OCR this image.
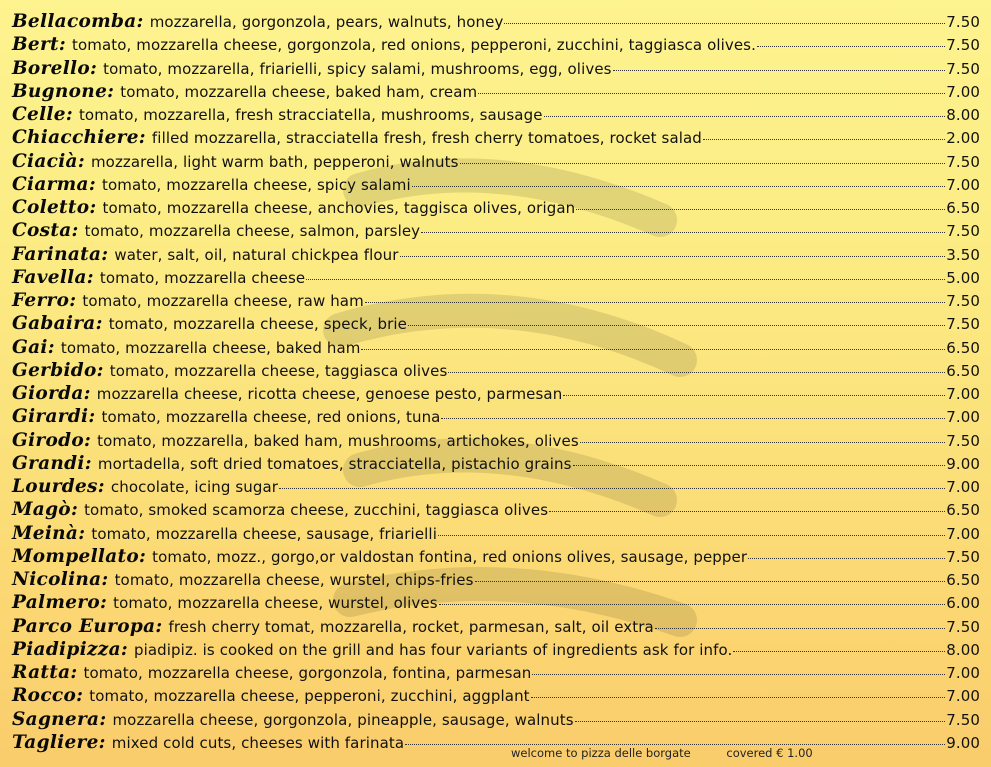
Bellacomba: mozzarella, gorgonzola, pears, walnuts, honey	7.50
Bert: tomato, mozzarella cheese, gorgonzola, red onions, pepperoni, zucchini, taggiasca olives.	7.50
Borello: tomato, mozzarella, friarielli, spicy salami, mushrooms, egg, olives	7.50
Bugnone: tomato, mozzarella cheese, baked ham, cream	7.00
Celle: tomato, mozzarella, fresh stracciatella, mushrooms, sausage	8.00
Chiacchiere: filled mozzarella, stracciatella fresh, fresh cherry tomatoes, rocket salad	2.00
Ciacià: mozzarella, light warm bath, pepperoni, walnuts	7.50
Ciarma: tomato, mozzarella cheese, spicy salami	7.00
Coletto: tomato, mozzarella cheese, anchovies, taggisca olives, origan	6.50
Costa: tomato, mozzarella cheese, salmon, parsley	7.50
Farinata: water, salt, oil, natural chickpea flour	3.50
Favella: tomato, mozzarella cheese	5.00
Ferro: tomato, mozzarella cheese, raw ham	7.50
Gabaira: tomato, mozzarella cheese, speck, brie	7.50
Gai: tomato, mozzarella cheese, baked ham	6.50
Gerbido: tomato, mozzarella cheese, taggiasca olives	6.50
Giorda: mozzarella cheese, ricotta cheese, genoese pesto, parmesan	7.00
Girardi: tomato, mozzarella cheese, red onions, tuna	7.00
Girodo: tomato, mozzarella, baked ham, mushrooms, artichokes, olives	7.50
Grandi: mortadella, soft dried tomatoes, stracciatella, pistachio grains	9.00
Lourdes: chocolate, icing sugar	7.00
Magò: tomato, smoked scamorza cheese, zucchini, taggiasca olives	6.50
Meinà: tomato, mozzarella cheese, sausage, friarielli	7.00
Mompellato: tomato, mozz., gorgo,or valdostan fontina, red onions olives, sausage, pepper	7.50
Nicolina: tomato, mozzarella cheese, wurstel, chips-fries	6.50
Palmero: tomato, mozzarella cheese, wurstel, olives	6.00
Parco Europa: fresh cherry tomat, mozzarella, rocket, parmesan, salt, oil extra	7.50
Piadipizza: piadipiz. is cooked on the grill and has four variants of ingredients ask for info.	8.00
Ratta: tomato, mozzarella cheese, gorgonzola, fontina, parmesan	7.00
Rocco: tomato, mozzarella cheese, pepperoni, zucchini, aggplant	7.00
Sagnera: mozzarella cheese, gorgonzola, pineapple, sausage, walnuts	7.50
Tagliere: mixed cold cuts, cheeses with farinata	9.00
welcome to pizza delle borgate	covered € 1.00
